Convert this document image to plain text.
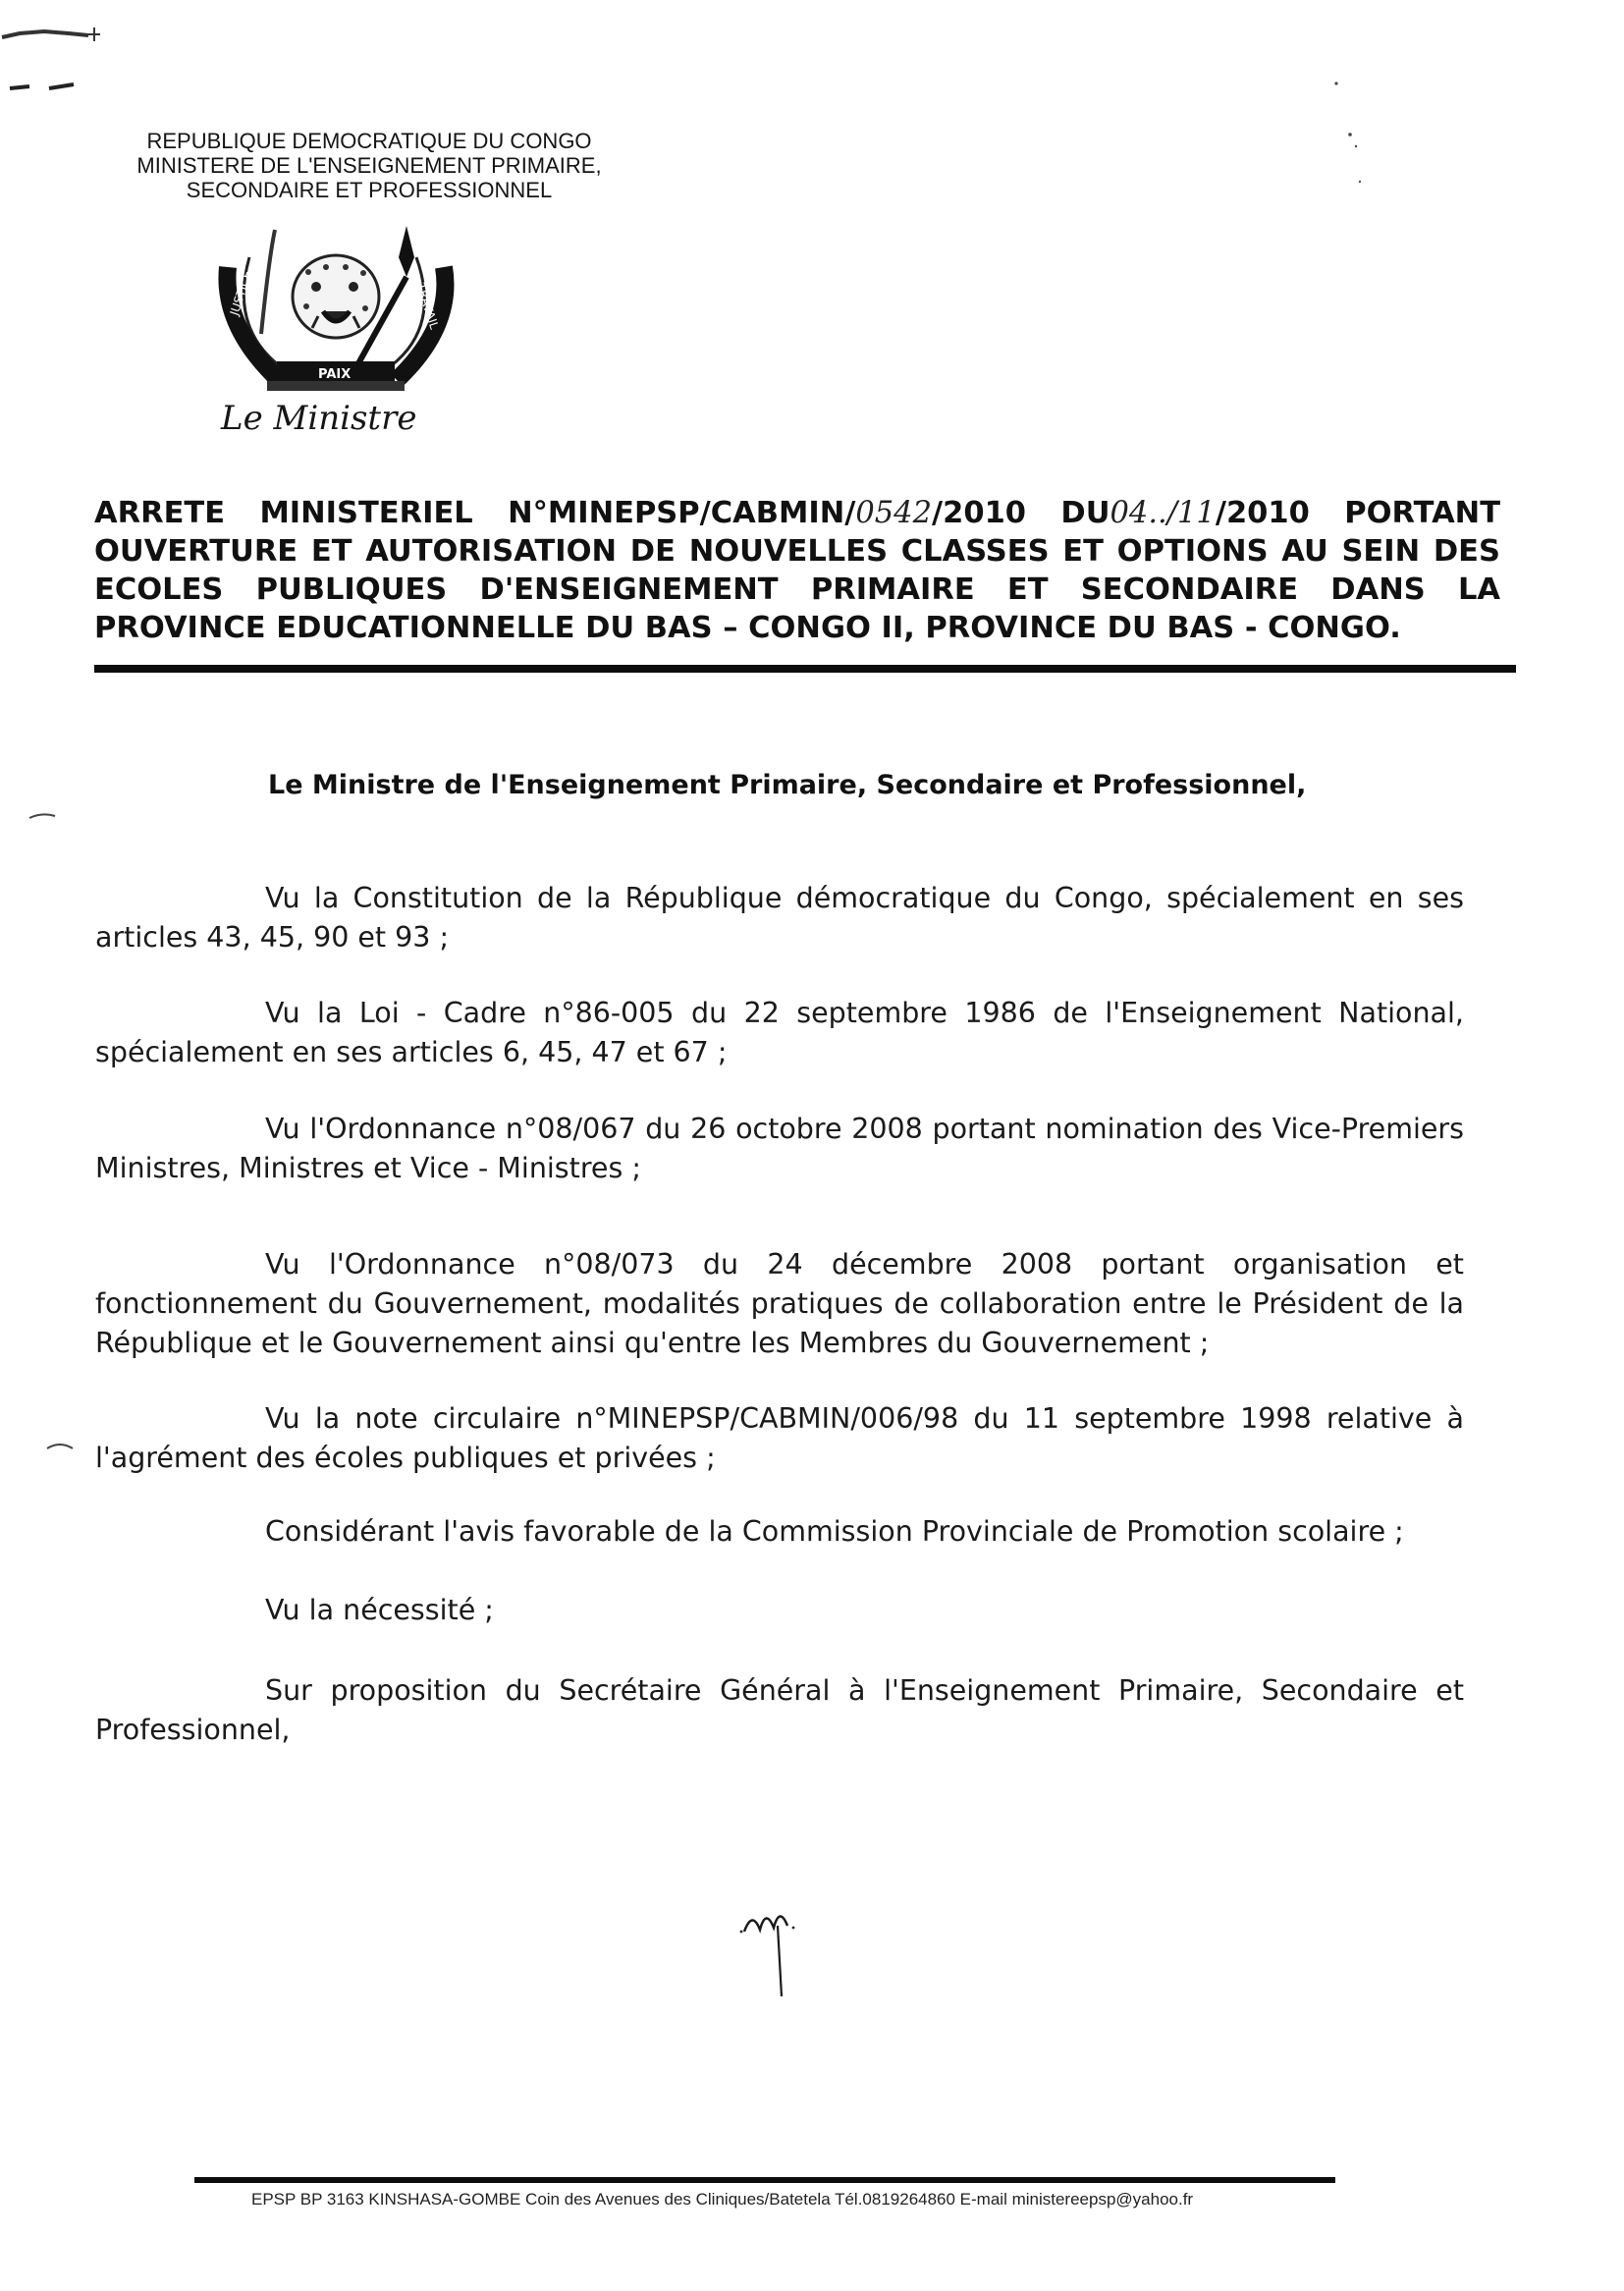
REPUBLIQUE DEMOCRATIQUE DU CONGO
MINISTERE DE L'ENSEIGNEMENT PRIMAIRE,
SECONDAIRE ET PROFESSIONNEL
JUSTICE
PAIX
TRAVAIL
Le Ministre
ARRETE MINISTERIEL N°MINEPSP/CABMIN/0542/2010 DU04../11/2010 PORTANT
OUVERTURE ET AUTORISATION DE NOUVELLES CLASSES ET OPTIONS AU SEIN DES
ECOLES PUBLIQUES D'ENSEIGNEMENT PRIMAIRE ET SECONDAIRE DANS LA
PROVINCE EDUCATIONNELLE DU BAS – CONGO II, PROVINCE DU BAS - CONGO.
Le Ministre de l'Enseignement Primaire, Secondaire et Professionnel,
Vu la Constitution de la République démocratique du Congo, spécialement en ses articles 43, 45, 90 et 93 ;
Vu la Loi - Cadre n°86-005 du 22 septembre 1986 de l'Enseignement National, spécialement en ses articles 6, 45, 47 et 67 ;
Vu l'Ordonnance n°08/067 du 26 octobre 2008 portant nomination des Vice-Premiers Ministres, Ministres et Vice - Ministres ;
Vu l'Ordonnance n°08/073 du 24 décembre 2008 portant organisation et fonctionnement du Gouvernement, modalités pratiques de collaboration entre le Président de la République et le Gouvernement ainsi qu'entre les Membres du Gouvernement ;
Vu la note circulaire n°MINEPSP/CABMIN/006/98 du 11 septembre 1998 relative à l'agrément des écoles publiques et privées ;
Considérant l'avis favorable de la Commission Provinciale de Promotion scolaire ;
Vu la nécessité ;
Sur proposition du Secrétaire Général à l'Enseignement Primaire, Secondaire et Professionnel,
EPSP BP 3163 KINSHASA-GOMBE Coin des Avenues des Cliniques/Batetela Tél.0819264860 E-mail ministereepsp@yahoo.fr
